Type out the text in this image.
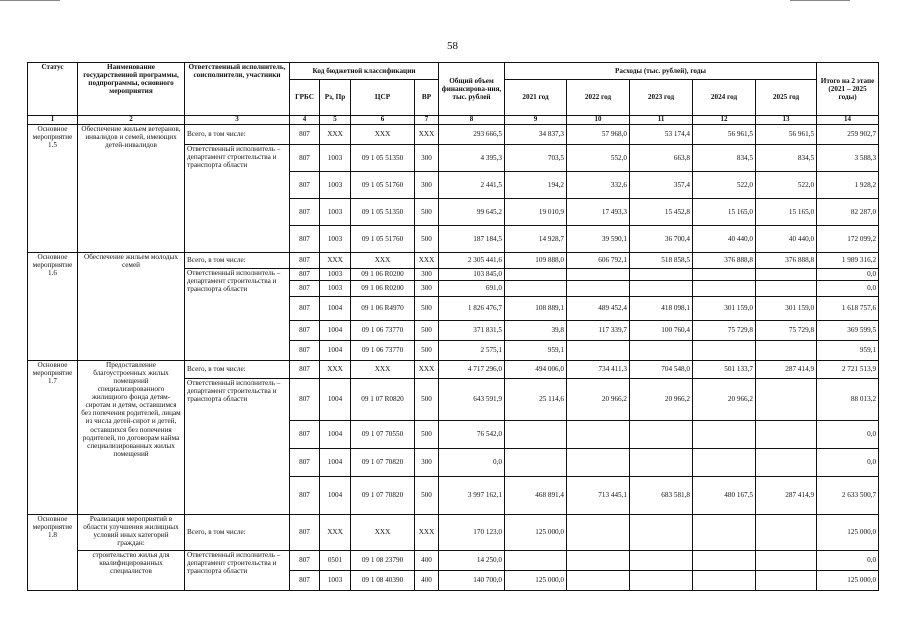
58
Статус	Наименование государственной программы, подпрограммы, основного мероприятия	Ответственный исполнитель, соисполнители, участники	Код бюджетной классификации				Общий объем финансирова-ния, тыс. рублей	Расходы (тыс. рублей), годы					Итого на 2 этапе (2021 – 2025 годы)
			ГРБС	Рз, Пр	ЦСР	ВР		2021 год	2022 год	2023 год	2024 год	2025 год	
1	2	3	4	5	6	7	8	9	10	11	12	13	14
Основное мероприятие 1.5	Обеспечение жильем ветеранов, инвалидов и семей, имеющих детей-инвалидов	Всего, в том числе:	807	XXX	XXX	XXX	293 666,5	34 837,3	57 968,0	53 174,4	56 961,5	56 961,5	259 902,7
		Ответственный исполнитель – департамент строительства и транспорта области	807	1003	09 1 05 51350	300	4 395,3	703,5	552,0	663,8	834,5	834,5	3 588,3
			807	1003	09 1 05 51760	300	2 441,5	194,2	332,6	357,4	522,0	522,0	1 928,2
			807	1003	09 1 05 51350	500	99 645,2	19 010,9	17 493,3	15 452,8	15 165,0	15 165,0	82 287,0
			807	1003	09 1 05 51760	500	187 184,5	14 928,7	39 590,1	36 700,4	40 440,0	40 440,0	172 099,2
Основное мероприятие 1.6	Обеспечение жильем молодых семей	Всего, в том числе:	807	XXX	XXX	XXX	2 305 441,6	109 888,0	606 792,1	518 858,5	376 888,8	376 888,8	1 989 316,2
		Ответственный исполнитель – департамент строительства и транспорта области	807	1003	09 1 06 R0200	300	103 845,0						0,0
			807	1003	09 1 06 R0200	300	691,0						0,0
			807	1004	09 1 06 R4970	500	1 826 476,7	108 889,1	489 452,4	418 098,1	301 159,0	301 159,0	1 618 757,6
			807	1004	09 1 06 73770	500	371 831,5	39,8	117 339,7	100 760,4	75 729,8	75 729,8	369 599,5
			807	1004	09 1 06 73770	500	2 575,1	959,1					959,1
Основное мероприятие 1.7	Предоставление благоустроенных жилых помещений специализированного жилищного фонда детям-сиротам и детям, оставшимся без попечения родителей, лицам из числа детей-сирот и детей, оставшихся без попечения родителей, по договорам найма специализированных жилых помещений	Всего, в том числе:	807	XXX	XXX	XXX	4 717 296,0	494 006,0	734 411,3	704 548,0	501 133,7	287 414,9	2 721 513,9
		Ответственный исполнитель – департамент строительства и транспорта области	807	1004	09 1 07 R0820	500	643 591,9	25 114,6	20 966,2	20 966,2	20 966,2		88 013,2
			807	1004	09 1 07 70550	500	76 542,0						0,0
			807	1004	09 1 07 70820	300	0,0						0,0
			807	1004	09 1 07 70820	500	3 997 162,1	468 891,4	713 445,1	683 581,8	480 167,5	287 414,9	2 633 500,7
Основное мероприятие 1.8	Реализация мероприятий в области улучшения жилищных условий иных категорий граждан:	Всего, в том числе:	807	XXX	XXX	XXX	170 123,0	125 000,0					125 000,0
	строительство жилья для квалифицированных специалистов	Ответственный исполнитель – департамент строительства и транспорта области	807	0501	09 1 08 23790	400	14 250,0						0,0
			807	1003	09 1 08 40390	400	140 700,0	125 000,0					125 000,0
